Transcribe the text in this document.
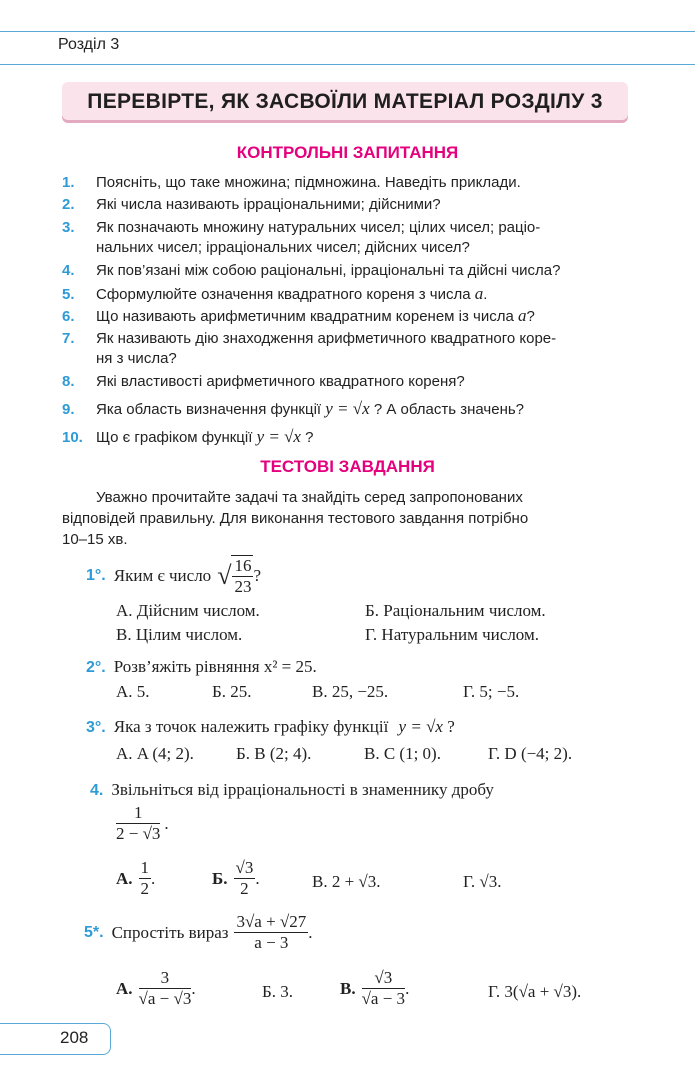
Розділ 3
ПЕРЕВІРТЕ, ЯК ЗАСВОЇЛИ МАТЕРІАЛ РОЗДІЛУ 3
КОНТРОЛЬНІ ЗАПИТАННЯ
1. Поясніть, що таке множина; підмножина. Наведіть приклади.
2. Які числа називають ірраціональними; дійсними?
3. Як позначають множину натуральних чисел; цілих чисел; раціо-
нальних чисел; ірраціональних чисел; дійсних чисел?
4. Як пов’язані між собою раціональні, ірраціональні та дійсні числа?
5. Сформулюйте означення квадратного кореня з числа a.
6. Що називають арифметичним квадратним коренем із числа a?
7. Як називають дію знаходження арифметичного квадратного коре-
ня з числа?
8. Які властивості арифметичного квадратного кореня?
9. Яка область визначення функції y = √x ? А область значень?
10. Що є графіком функції y = √x ?
ТЕСТОВІ ЗАВДАННЯ
Уважно прочитайте задачі та знайдіть серед запропонованих
відповідей правильну. Для виконання тестового завдання потрібно
10–15 хв.
1°. Яким є число √ $\frac{16}{23}$ ?
А. Дійсним числом.	Б. Раціональним числом.
В. Цілим числом.	Г. Натуральним числом.
2°. Розв’яжіть рівняння x² = 25.
А. 5.	Б. 25.	В. 25, −25.	Г. 5; −5.
3°. Яка з точок належить графіку функції y = √x ?
А. A (4; 2). Б. B (2; 4).	В. C (1; 0).	Г. D (−4; 2).
4. Звільніться від ірраціональності в знаменнику дробу
$\frac{1}{2 - √3}$ .
А. $\frac{1}{2}$ .	Б. $\frac{√3}{2}$ .	В. 2 + √3.	Г. √3.
5*. Спростіть вираз $\frac{3√a + √27}{a - 3}$ .
А. $\frac{3}{√a - √3}$ .	Б. 3.	В. $\frac{√3}{√a - 3}$ .	Г. 3(√a + √3).
208
